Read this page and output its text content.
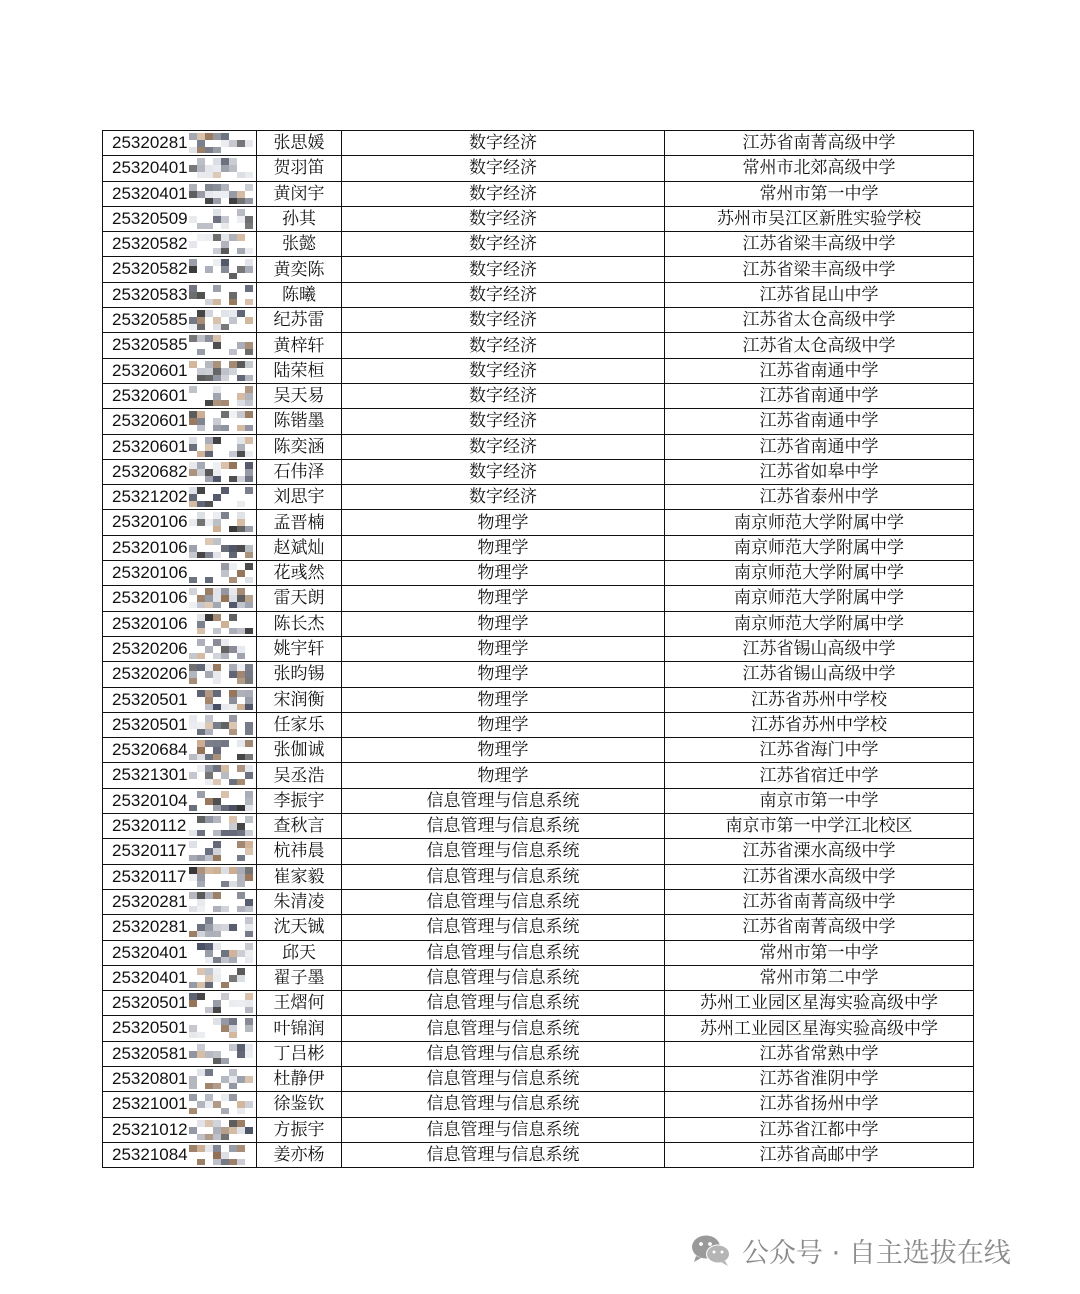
25320281	张思媛	数字经济	江苏省南菁高级中学

25320401	贺羽笛	数字经济	常州市北郊高级中学

25320401	黄闵宇	数字经济	常州市第一中学

25320509	孙其	数字经济	苏州市吴江区新胜实验学校

25320582	张懿	数字经济	江苏省梁丰高级中学

25320582	黄奕陈	数字经济	江苏省梁丰高级中学

25320583	陈曦	数字经济	江苏省昆山中学

25320585	纪苏雷	数字经济	江苏省太仓高级中学

25320585	黄梓轩	数字经济	江苏省太仓高级中学

25320601	陆荣桓	数字经济	江苏省南通中学

25320601	吴天易	数字经济	江苏省南通中学

25320601	陈锴墨	数字经济	江苏省南通中学

25320601	陈奕涵	数字经济	江苏省南通中学

25320682	石伟泽	数字经济	江苏省如皋中学

25321202	刘思宇	数字经济	江苏省泰州中学

25320106	孟晋楠	物理学	南京师范大学附属中学

25320106	赵斌灿	物理学	南京师范大学附属中学

25320106	花彧然	物理学	南京师范大学附属中学

25320106	雷天朗	物理学	南京师范大学附属中学

25320106	陈长杰	物理学	南京师范大学附属中学

25320206	姚宇轩	物理学	江苏省锡山高级中学

25320206	张昀锡	物理学	江苏省锡山高级中学

25320501	宋润衡	物理学	江苏省苏州中学校

25320501	任家乐	物理学	江苏省苏州中学校

25320684	张伽诚	物理学	江苏省海门中学

25321301	吴丞浩	物理学	江苏省宿迁中学

25320104	李振宇	信息管理与信息系统	南京市第一中学

25320112	查秋言	信息管理与信息系统	南京市第一中学江北校区

25320117	杭祎晨	信息管理与信息系统	江苏省溧水高级中学

25320117	崔家毅	信息管理与信息系统	江苏省溧水高级中学

25320281	朱清凌	信息管理与信息系统	江苏省南菁高级中学

25320281	沈天铖	信息管理与信息系统	江苏省南菁高级中学

25320401	邱天	信息管理与信息系统	常州市第一中学

25320401	翟子墨	信息管理与信息系统	常州市第二中学

25320501	王熠何	信息管理与信息系统	苏州工业园区星海实验高级中学

25320501	叶锦润	信息管理与信息系统	苏州工业园区星海实验高级中学

25320581	丁吕彬	信息管理与信息系统	江苏省常熟中学

25320801	杜静伊	信息管理与信息系统	江苏省淮阴中学

25321001	徐鉴钦	信息管理与信息系统	江苏省扬州中学

25321012	方振宇	信息管理与信息系统	江苏省江都中学

25321084	姜亦杨	信息管理与信息系统	江苏省高邮中学
公众号 · 自主选拔在线
